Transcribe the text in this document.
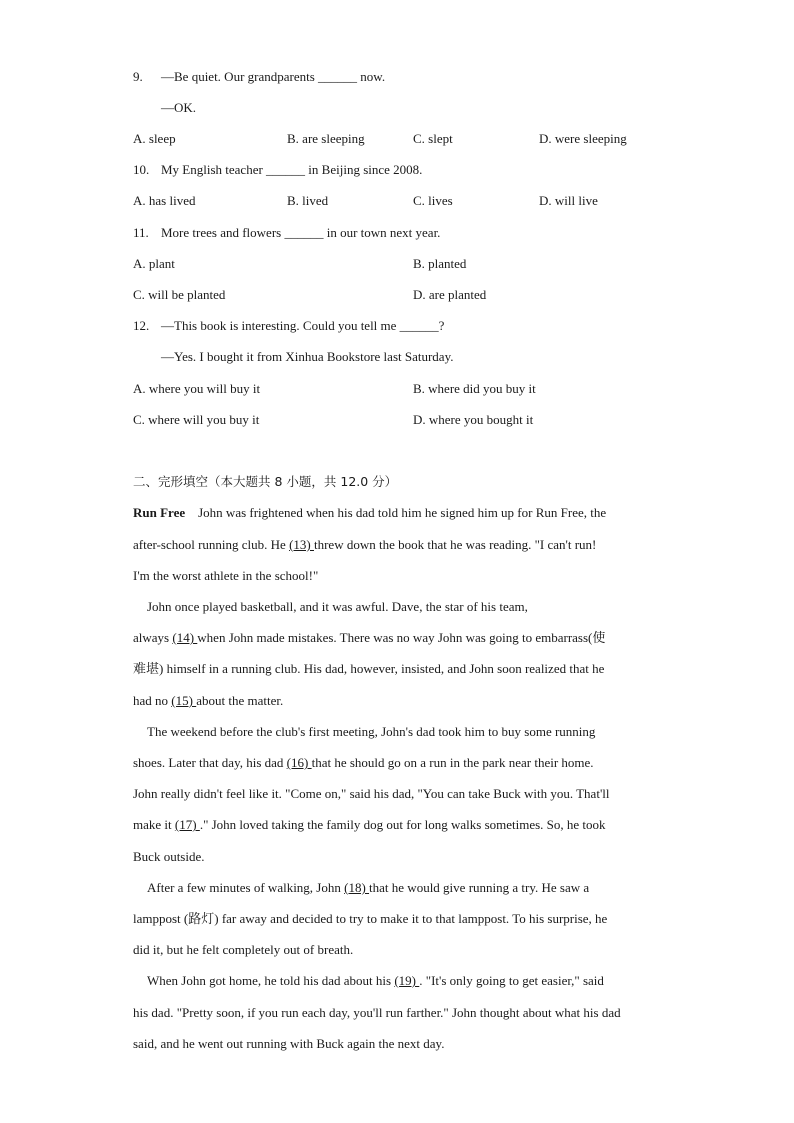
9. —Be quiet. Our grandparents ______ now.
—OK.
A. sleep	B. are sleeping	C. slept	D. were sleeping
10. My English teacher ______ in Beijing since 2008.
A. has lived	B. lived	C. lives	D. will live
11. More trees and flowers ______ in our town next year.
A. plant	B. planted
C. will be planted	D. are planted
12. —This book is interesting. Could you tell me ______?
—Yes. I bought it from Xinhua Bookstore last Saturday.
A. where you will buy it	B. where did you buy it
C. where will you buy it	D. where you bought it
二、完形填空（本大题共 8 小题，共 12.0 分）
Run Free John was frightened when his dad told him he signed him up for Run Free, the
after-school running club. He (13) threw down the book that he was reading. "I can't run!
I'm the worst athlete in the school!"
John once played basketball, and it was awful. Dave, the star of his team,
always (14) when John made mistakes. There was no way John was going to embarrass(使
难堪) himself in a running club. His dad, however, insisted, and John soon realized that he
had no (15) about the matter.
The weekend before the club's first meeting, John's dad took him to buy some running
shoes. Later that day, his dad (16) that he should go on a run in the park near their home.
John really didn't feel like it. "Come on," said his dad, "You can take Buck with you. That'll
make it (17) ." John loved taking the family dog out for long walks sometimes. So, he took
Buck outside.
After a few minutes of walking, John (18) that he would give running a try. He saw a
lamppost (路灯) far away and decided to try to make it to that lamppost. To his surprise, he
did it, but he felt completely out of breath.
When John got home, he told his dad about his (19) . "It's only going to get easier," said
his dad. "Pretty soon, if you run each day, you'll run farther." John thought about what his dad
said, and he went out running with Buck again the next day.
